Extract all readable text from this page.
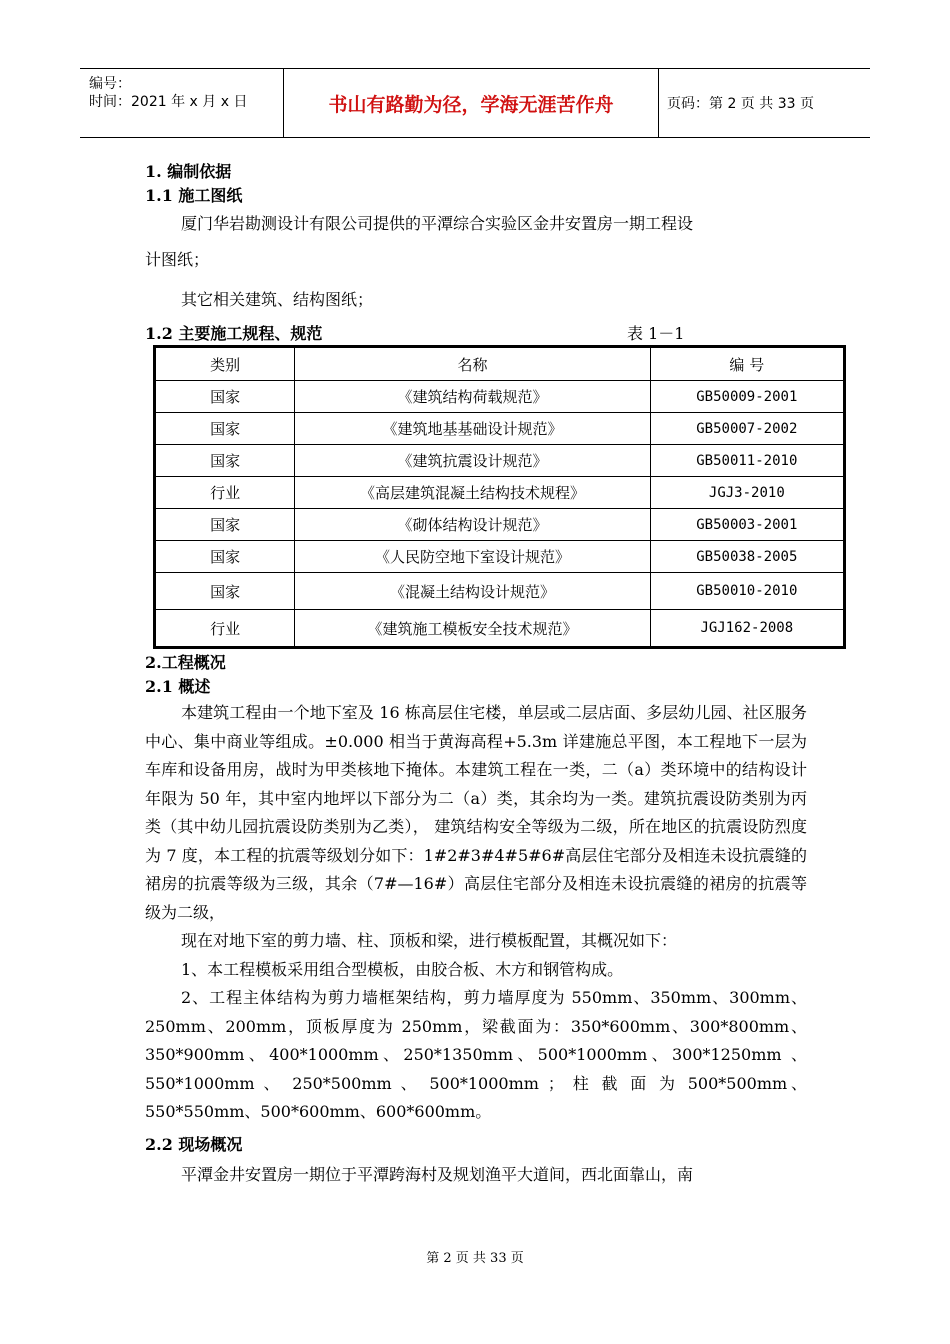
编号：
时间：2021 年 x 月 x 日	书山有路勤为径，学海无涯苦作舟	页码：第 2 页 共 33 页
1. 编制依据
1.1 施工图纸
厦门华岩勘测设计有限公司提供的平潭综合实验区金井安置房一期工程设
计图纸；
其它相关建筑、结构图纸；
1.2 主要施工规程、规范	表 1－1
类别	名称	编 号
国家	《建筑结构荷载规范》	GB50009-2001
国家	《建筑地基基础设计规范》	GB50007-2002
国家	《建筑抗震设计规范》	GB50011-2010
行业	《高层建筑混凝土结构技术规程》	JGJ3-2010
国家	《砌体结构设计规范》	GB50003-2001
国家	《人民防空地下室设计规范》	GB50038-2005
国家	《混凝土结构设计规范》	GB50010-2010
行业	《建筑施工模板安全技术规范》	JGJ162-2008
2.工程概况
2.1 概述
本建筑工程由一个地下室及 16 栋高层住宅楼，单层或二层店面、多层幼儿园、社区服务中心、集中商业等组成。±0.000 相当于黄海高程+5.3m 详建施总平图，本工程地下一层为车库和设备用房，战时为甲类核地下掩体。本建筑工程在一类，二（a）类环境中的结构设计年限为 50 年，其中室内地坪以下部分为二（a）类，其余均为一类。建筑抗震设防类别为丙类（其中幼儿园抗震设防类别为乙类）， 建筑结构安全等级为二级，所在地区的抗震设防烈度为 7 度，本工程的抗震等级划分如下：1#2#3#4#5#6#高层住宅部分及相连未设抗震缝的裙房的抗震等级为三级，其余（7#—16#）高层住宅部分及相连未设抗震缝的裙房的抗震等级为二级，
现在对地下室的剪力墙、柱、顶板和梁，进行模板配置，其概况如下：
1、本工程模板采用组合型模板，由胶合板、木方和钢管构成。
2、工程主体结构为剪力墙框架结构，剪力墙厚度为 550mm、350mm、300mm、250mm、200mm，顶板厚度为 250mm，梁截面为：350*600mm、300*800mm、350*900mm、400*1000mm、250*1350mm、500*1000mm、300*1250mm 、 550*1000mm 、 250*500mm 、 500*1000mm ； 柱 截 面 为 500*500mm、550*550mm、500*600mm、600*600mm。
2.2 现场概况
平潭金井安置房一期位于平潭跨海村及规划渔平大道间，西北面靠山，南
第 2 页 共 33 页
